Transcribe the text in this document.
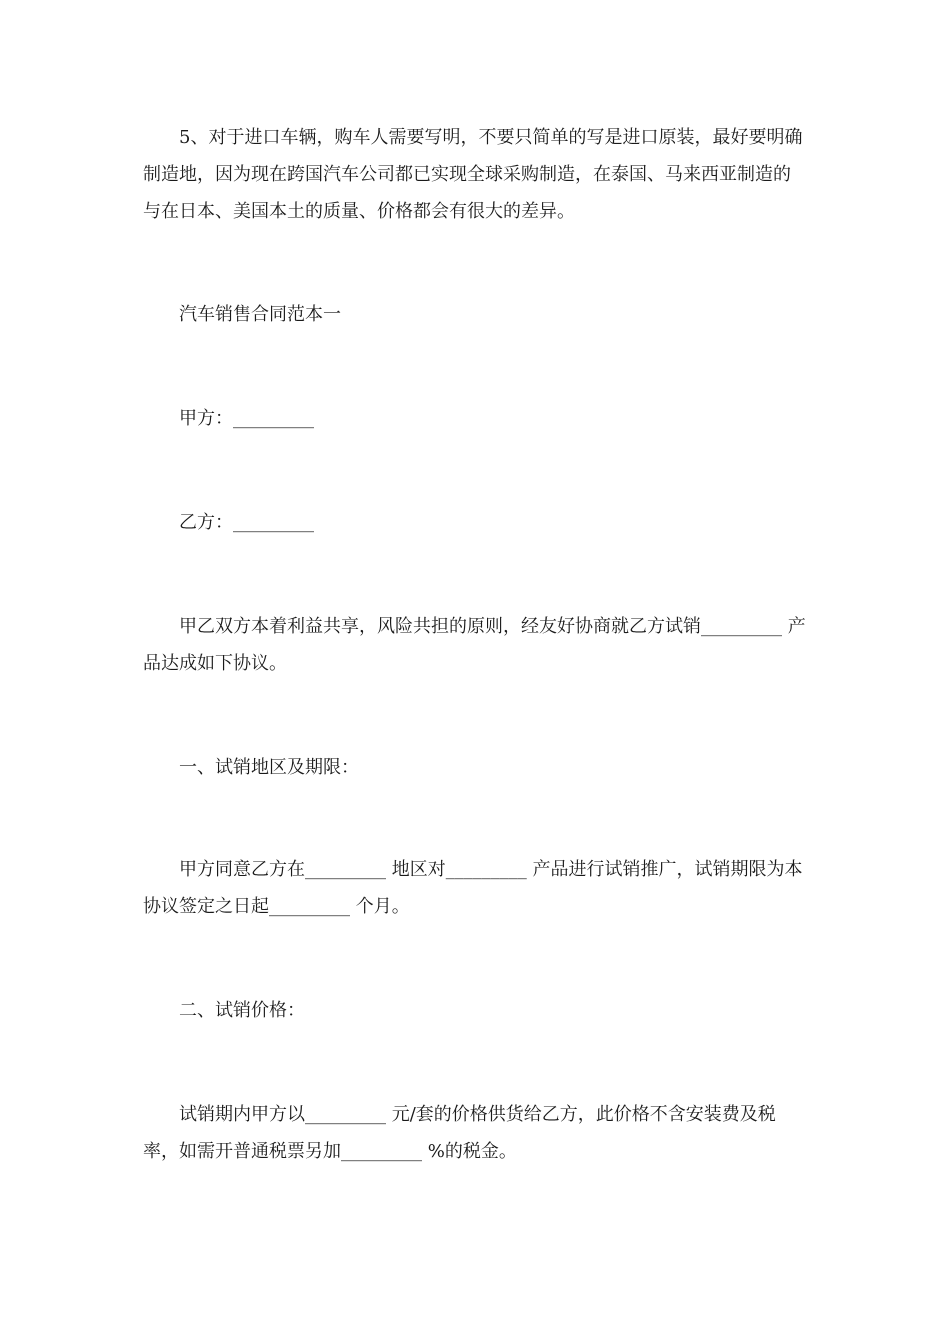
5、对于进口车辆，购车人需要写明，不要只简单的写是进口原装，最好要明确制造地，因为现在跨国汽车公司都已实现全球采购制造，在泰国、马来西亚制造的与在日本、美国本土的质量、价格都会有很大的差异。

汽车销售合同范本一

甲方：_________

乙方：_________

甲乙双方本着利益共享，风险共担的原则，经友好协商就乙方试销_________ 产品达成如下协议。

一、试销地区及期限：

甲方同意乙方在_________ 地区对_________ 产品进行试销推广，试销期限为本协议签定之日起_________ 个月。

二、试销价格：

试销期内甲方以_________ 元/套的价格供货给乙方，此价格不含安装费及税率，如需开普通税票另加_________ %的税金。
